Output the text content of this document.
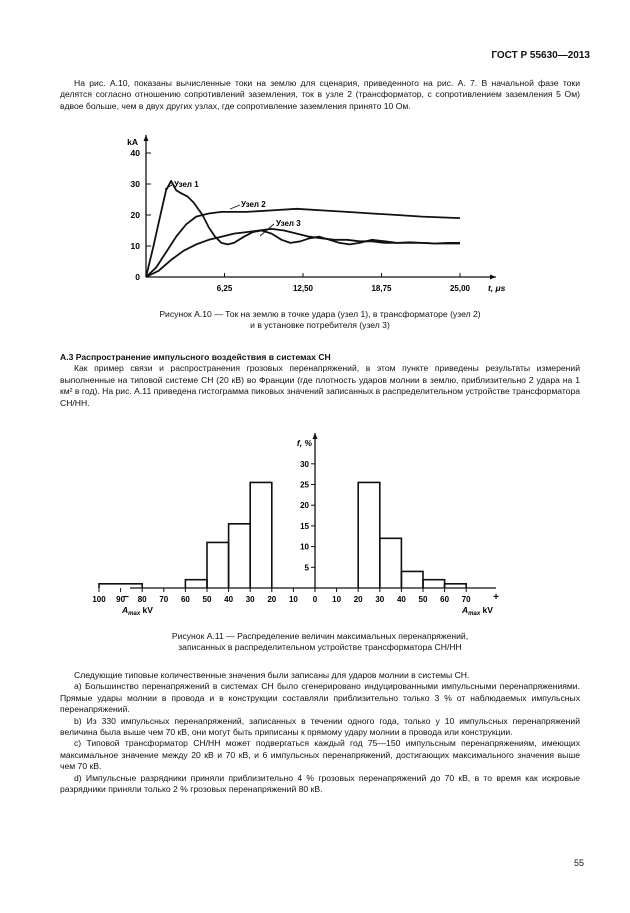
ГОСТ Р 55630—2013

На рис. А.10, показаны вычисленные токи на землю для сценария, приведенного на рис. А. 7. В начальной фазе токи делятся согласно отношению сопротивлений заземления, ток в узле 2 (трансформатор, с сопротивлением заземления 5 Ом) вдвое больше, чем в двух других узлах, где сопротивление заземления принято 10 Ом.

kA
40
30
20
10
0
6,25	12,50	18,75	25,00 t, μs
Узел 1
Узел 2
Узел 3
Рисунок А.10 — Ток на землю в точке удара (узел 1), в трансформаторе (узел 2)
и в установке потребителя (узел 3)

А.3 Распространение импульсного воздействия в системах СН

Как пример связи и распространения грозовых перенапряжений, в этом пункте приведены результаты измерений выполненные на типовой системе СН (20 кВ) во Франции (где плотность ударов молнии в землю, приблизительно 2 удара на 1 км² в год). На рис. А.11 приведена гистограмма пиковых значений записанных в распределительном устройстве трансформатора СН/НН.

f, %
30
25
20
15
10
5
100 90 80 70 60 50 40 30 20 10 0 10 20 30 40 50 60 70
−	+
$A_{max}$ kV	$A_{max}$ kV
Рисунок А.11 — Распределение величин максимальных перенапряжений,
записанных в распределительном устройстве трансформатора СН/НН

Следующие типовые количественные значения были записаны для ударов молнии в системы СН.

а) Большинство перенапряжений в системах СН было сгенерировано индуцированными импульсными перенапряжениями. Прямые удары молнии в провода и в конструкции составляли приблизительно только 3 % от наблюдаемых импульсных перенапряжений.

b) Из 330 импульсных перенапряжений, записанных в течении одного года, только у 10 импульсных перенапряжений величина была выше чем 70 кВ, они могут быть приписаны к прямому удару молнии в провода или конструкции.

c) Типовой трансформатор СН/НН может подвергаться каждый год 75—150 импульсным перенапряжениям, имеющих максимальное значение между 20 кВ и 70 кВ, и 6 импульсных перенапряжений, достигающих максимального значения выше чем 70 кВ.

d) Импульсные разрядники приняли приблизительно 4 % грозовых перенапряжений до 70 кВ, в то время как искровые разрядники приняли только 2 % грозовых перенапряжений 80 кВ.

55
